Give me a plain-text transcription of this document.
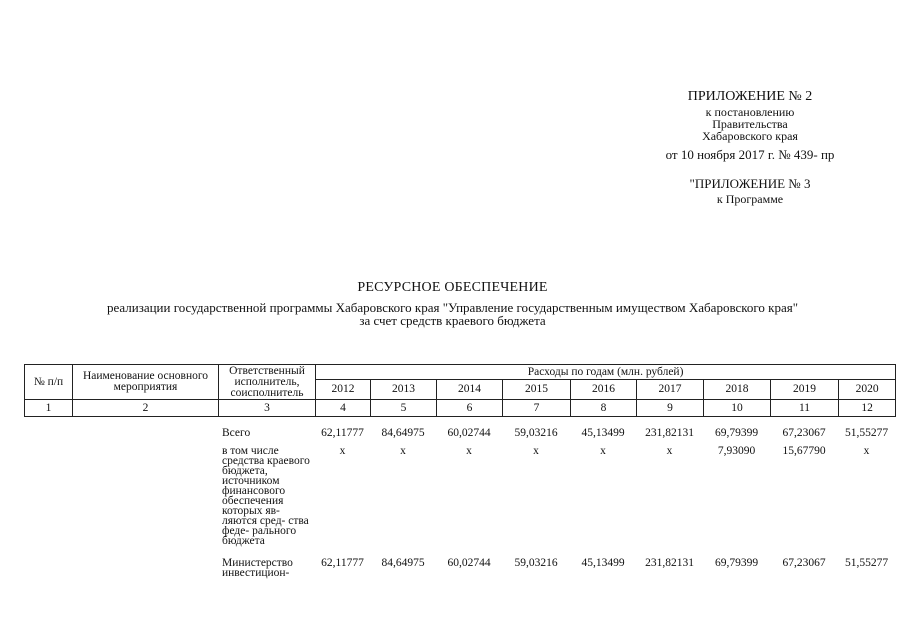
ПРИЛОЖЕНИЕ № 2
к постановлению
Правительства
Хабаровского края
от 10 ноября 2017 г. № 439- пр
"ПРИЛОЖЕНИЕ № 3
к Программе
РЕСУРСНОЕ ОБЕСПЕЧЕНИЕ
реализации государственной программы Хабаровского края "Управление государственным имуществом Хабаровского края"
за счет средств краевого бюджета
№ п/п	Наименование основного мероприятия	Ответственный исполнитель, соисполнитель	Расходы по годам (млн. рублей)								
			2012	2013	2014	2015	2016	2017	2018	2019	2020
1	2	3	4	5	6	7	8	9	10	11	12
		Всего	62,11777	84,64975	60,02744	59,03216	45,13499	231,82131	69,79399	67,23067	51,55277
		в том числе средства краевого бюджета, источником финансового обеспечения которых яв- ляются сред- ства феде- рального бюджета	х	х	х	х	х	х	7,93090	15,67790	х
		Министерство инвестицион-	62,11777	84,64975	60,02744	59,03216	45,13499	231,82131	69,79399	67,23067	51,55277
